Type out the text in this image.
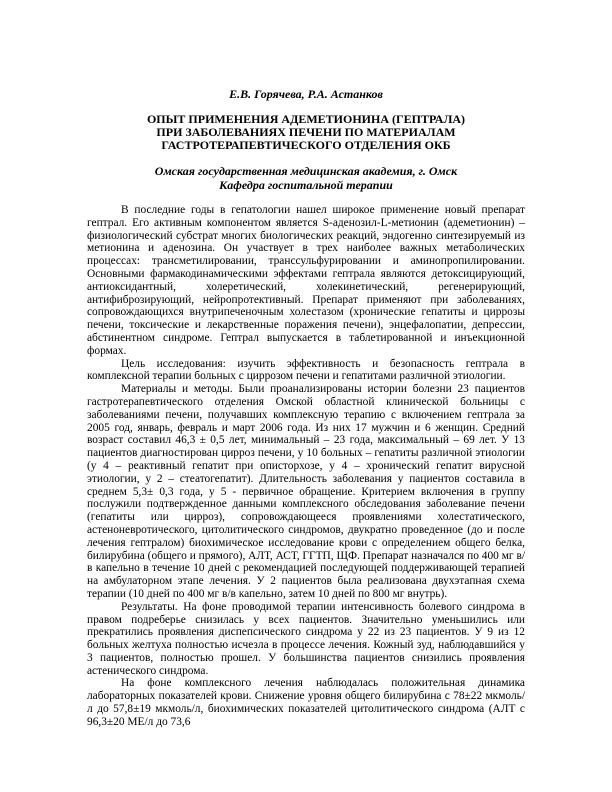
Е.В. Горячева, Р.А. Астанков
ОПЫТ ПРИМЕНЕНИЯ АДЕМЕТИОНИНА (ГЕПТРАЛА)
ПРИ ЗАБОЛЕВАНИЯХ ПЕЧЕНИ ПО МАТЕРИАЛАМ
ГАСТРОТЕРАПЕВТИЧЕСКОГО ОТДЕЛЕНИЯ ОКБ
Омская государственная медицинская академия, г. Омск
Кафедра госпитальной терапии

В последние годы в гепатологии нашел широкое применение новый препарат гептрал. Его активным компонентом является S-аденозил-L-метионин (адеметионин) – физиологический субстрат многих биологических реакций, эндогенно синтезируемый из метионина и аденозина. Он участвует в трех наиболее важных метаболических процессах: трансметилировании, транссульфурировании и аминопропилировании. Основными фармакодинамическими эффектами гептрала являются детоксицирующий, антиоксидантный, холеретический, холекинетический, регенерирующий, антифиброзирующий, нейропротективный. Препарат применяют при заболеваниях, сопровождающихся внутрипеченочным холестазом (хронические гепатиты и циррозы печени, токсические и лекарственные поражения печени), энцефалопатии, депрессии, абстинентном синдроме. Гептрал выпускается в таблетированной и инъекционной формах.

Цель исследования: изучить эффективность и безопасность гептрала в комплексной терапии больных с циррозом печени и гепатитами различной этиологии.

Материалы и методы. Были проанализированы истории болезни 23 пациентов гастротерапевтического отделения Омской областной клинической больницы с заболеваниями печени, получавших комплексную терапию с включением гептрала за 2005 год, январь, февраль и март 2006 года. Из них 17 мужчин и 6 женщин. Средний возраст составил 46,3 ± 0,5 лет, минимальный – 23 года, максимальный – 69 лет. У 13 пациентов диагностирован цирроз печени, у 10 больных – гепатиты различной этиологии (у 4 – реактивный гепатит при описторхозе, у 4 – хронический гепатит вирусной этиологии, у 2 – стеатогепатит). Длительность заболевания у пациентов составила в среднем 5,3± 0,3 года, у 5 - первичное обращение. Критерием включения в группу послужили подтвержденное данными комплексного обследования заболевание печени (гепатиты или цирроз), сопровождающееся проявлениями холестатического, астеноневротического, цитолитического синдромов, двукратно проведенное (до и после лечения гептралом) биохимическое исследование крови с определением общего белка, билирубина (общего и прямого), АЛТ, АСТ, ГГТП, ЩФ. Препарат назначался по 400 мг в/в капельно в течение 10 дней с рекомендацией последующей поддерживающей терапией на амбулаторном этапе лечения. У 2 пациентов была реализована двухэтапная схема терапии (10 дней по 400 мг в/в капельно, затем 10 дней по 800 мг внутрь).

Результаты. На фоне проводимой терапии интенсивность болевого синдрома в правом подреберье снизилась у всех пациентов. Значительно уменьшились или прекратились проявления диспепсического синдрома у 22 из 23 пациентов. У 9 из 12 больных желтуха полностью исчезла в процессе лечения. Кожный зуд, наблюдавшийся у 3 пациентов, полностью прошел. У большинства пациентов снизились проявления астенического синдрома.

На фоне комплексного лечения наблюдалась положительная динамика лабораторных показателей крови. Снижение уровня общего билирубина с 78±22 мкмоль/л до 57,8±19 мкмоль/л, биохимических показателей цитолитического синдрома (АЛТ с 96,3±20 МЕ/л до 73,6
